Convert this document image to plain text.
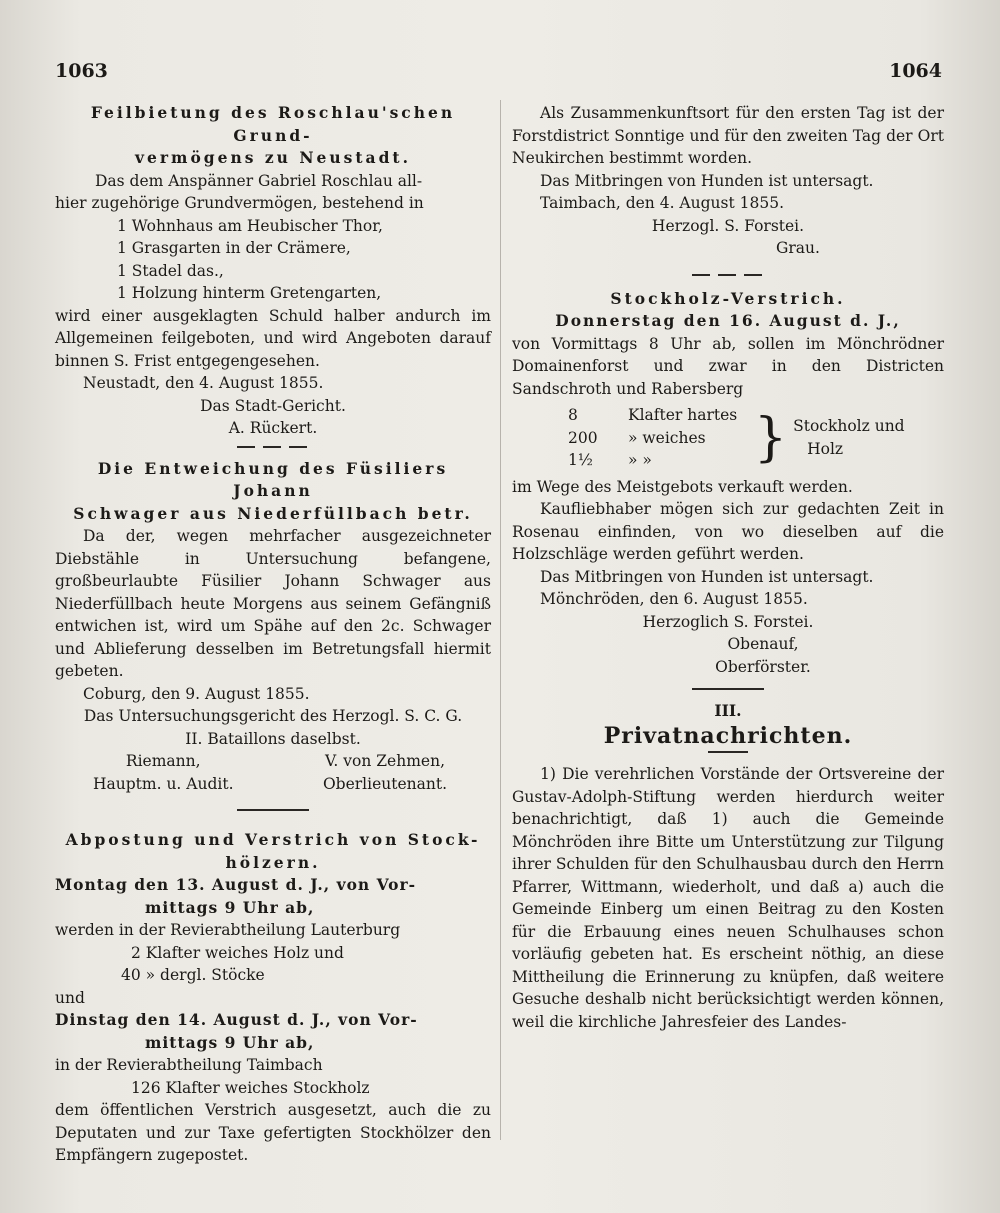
1063	1064

Feilbietung des Roschlau'schen Grund-

vermögens zu Neustadt.

Das dem Anspänner Gabriel Roschlau all-

hier zugehörige Grundvermögen, bestehend in

1 Wohnhaus am Heubischer Thor,

1 Grasgarten in der Crämere,

1 Stadel das.,

1 Holzung hinterm Gretengarten,

wird einer ausgeklagten Schuld halber andurch im Allgemeinen feilgeboten, und wird Angeboten darauf binnen S. Frist entgegengesehen.

Neustadt, den 4. August 1855.

Das Stadt-Gericht.

A. Rückert.

Die Entweichung des Füsiliers Johann

Schwager aus Niederfüllbach betr.

Da der, wegen mehrfacher ausgezeichneter Diebstähle in Untersuchung befangene, großbeurlaubte Füsilier Johann Schwager aus Niederfüllbach heute Morgens aus seinem Gefängniß entwichen ist, wird um Spähe auf den 2c. Schwager und Ablieferung desselben im Betretungsfall hiermit gebeten.

Coburg, den 9. August 1855.

Das Untersuchungsgericht des Herzogl. S. C. G.

II. Bataillons daselbst.

Riemann,

Hauptm. u. Audit.

V. von Zehmen,

Oberlieutenant.

Abpostung und Verstrich von Stock-

hölzern.

Montag den 13. August d. J., von Vor-

mittags 9 Uhr ab,

werden in der Revierabtheilung Lauterburg

2 Klafter weiches Holz und

40 » dergl. Stöcke

und

Dinstag den 14. August d. J., von Vor-

mittags 9 Uhr ab,

in der Revierabtheilung Taimbach

126 Klafter weiches Stockholz

dem öffentlichen Verstrich ausgesetzt, auch die zu Deputaten und zur Taxe gefertigten Stockhölzer den Empfängern zugepostet.

Als Zusammenkunftsort für den ersten Tag ist der Forstdistrict Sonntige und für den zweiten Tag der Ort Neukirchen bestimmt worden.

Das Mitbringen von Hunden ist untersagt.

Taimbach, den 4. August 1855.

Herzogl. S. Forstei.

Grau.

Stockholz-Verstrich.

Donnerstag den 16. August d. J.,

von Vormittags 8 Uhr ab, sollen im Mönchrödner Domainenforst und zwar in den Districten Sandschroth und Rabersberg

8	Klafter hartes
200	» weiches
1½	» »	} Stockholz und

Holz

im Wege des Meistgebots verkauft werden.

Kaufliebhaber mögen sich zur gedachten Zeit in Rosenau einfinden, von wo dieselben auf die Holzschläge werden geführt werden.

Das Mitbringen von Hunden ist untersagt.

Mönchröden, den 6. August 1855.

Herzoglich S. Forstei.

Obenauf,

Oberförster.

III.

Privatnachrichten.

1) Die verehrlichen Vorstände der Ortsvereine der Gustav-Adolph-Stiftung werden hierdurch weiter benachrichtigt, daß 1) auch die Gemeinde Mönchröden ihre Bitte um Unterstützung zur Tilgung ihrer Schulden für den Schulhausbau durch den Herrn Pfarrer, Wittmann, wiederholt, und daß a) auch die Gemeinde Einberg um einen Beitrag zu den Kosten für die Erbauung eines neuen Schulhauses schon vorläufig gebeten hat. Es erscheint nöthig, an diese Mittheilung die Erinnerung zu knüpfen, daß weitere Gesuche deshalb nicht berücksichtigt werden können, weil die kirchliche Jahresfeier des Landes-
